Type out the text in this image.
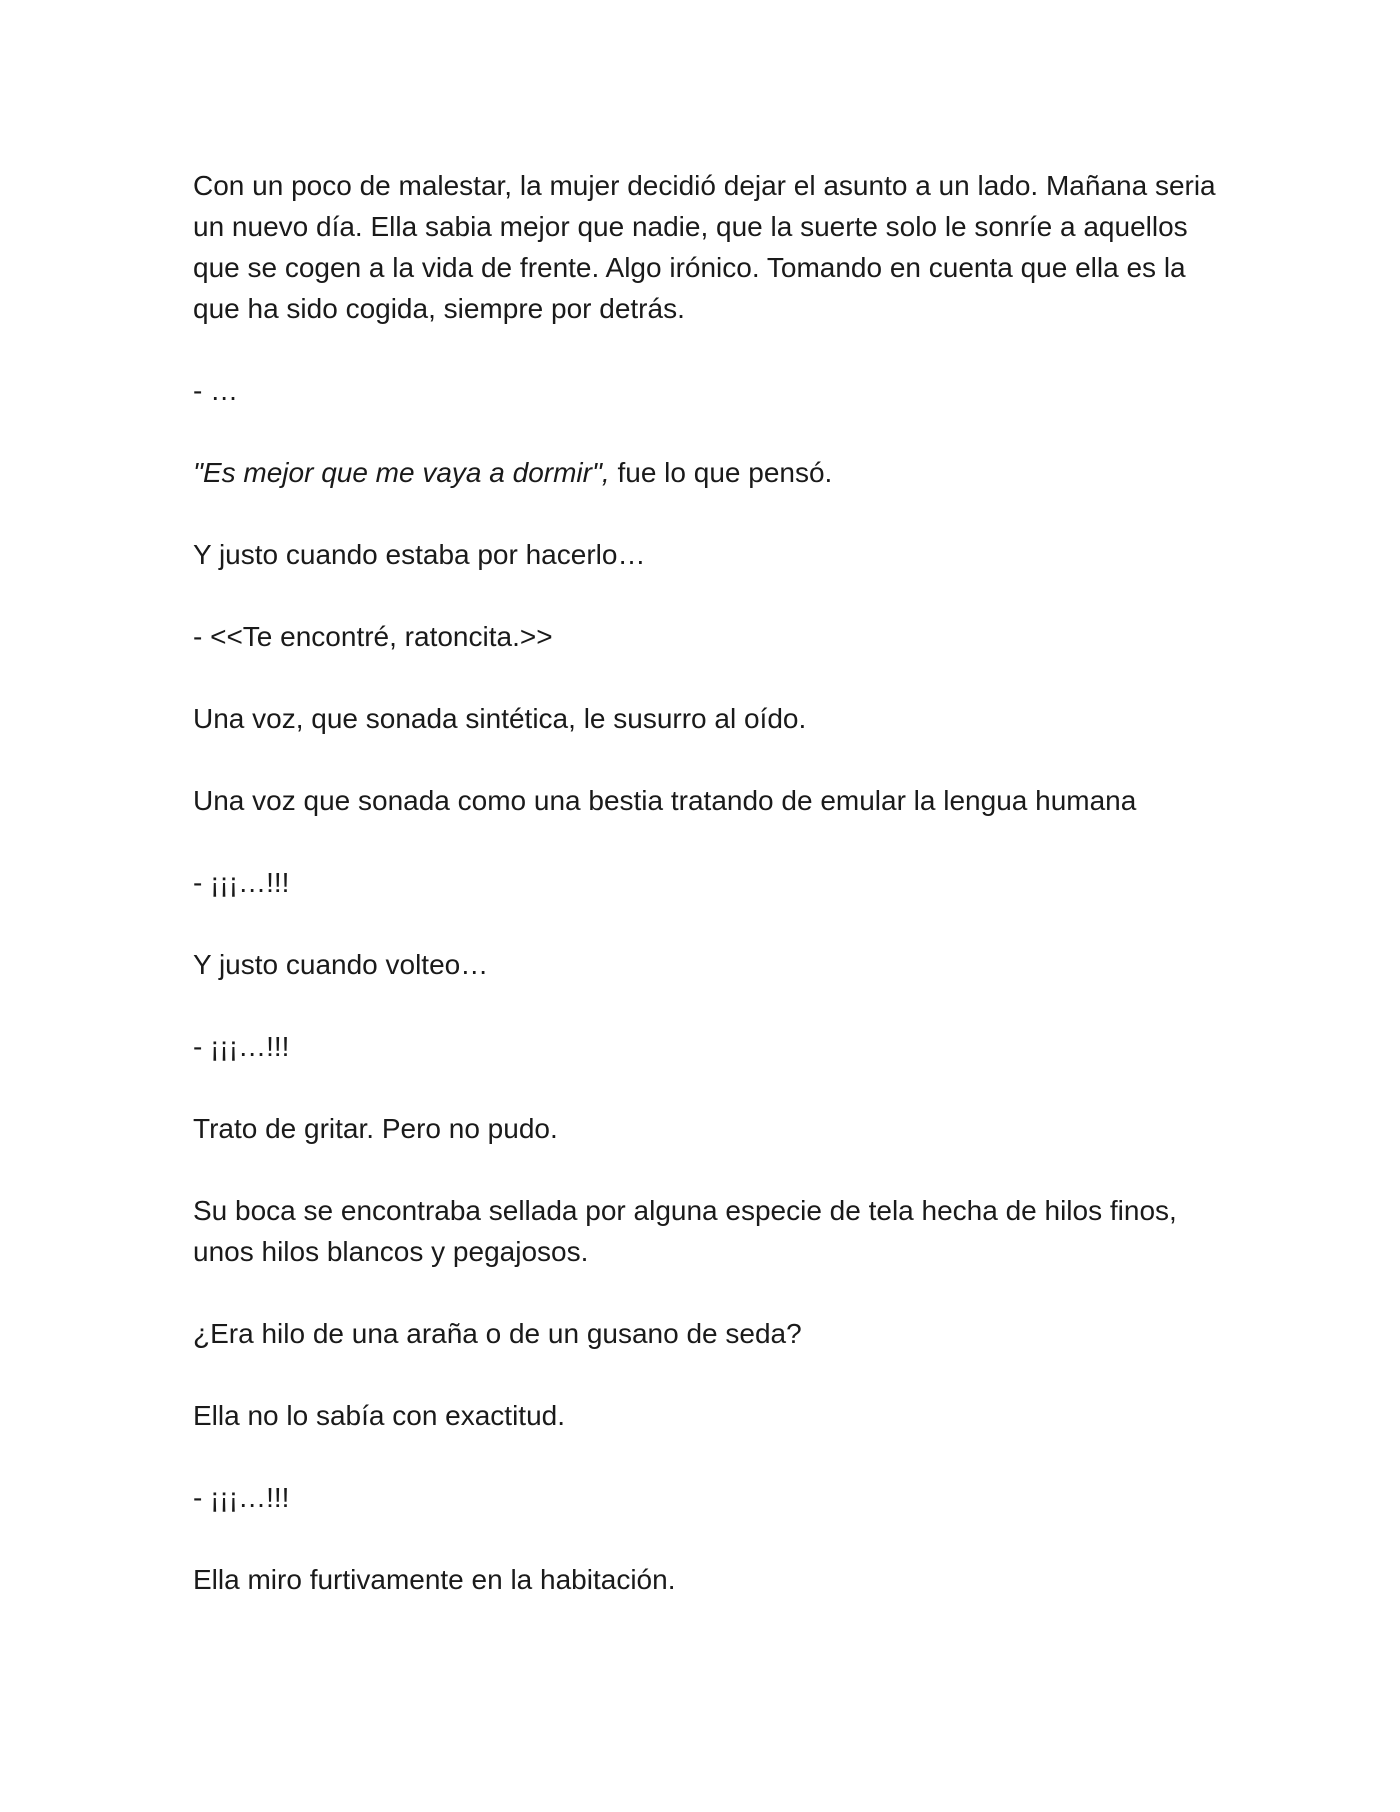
Con un poco de malestar, la mujer decidió dejar el asunto a un lado. Mañana seria un nuevo día. Ella sabia mejor que nadie, que la suerte solo le sonríe a aquellos que se cogen a la vida de frente. Algo irónico. Tomando en cuenta que ella es la que ha sido cogida, siempre por detrás.

- …

"Es mejor que me vaya a dormir", fue lo que pensó.

Y justo cuando estaba por hacerlo…

- <<Te encontré, ratoncita.>>

Una voz, que sonada sintética, le susurro al oído.

Una voz que sonada como una bestia tratando de emular la lengua humana

- ¡¡¡…!!!

Y justo cuando volteo…

- ¡¡¡…!!!

Trato de gritar. Pero no pudo.

Su boca se encontraba sellada por alguna especie de tela hecha de hilos finos, unos hilos blancos y pegajosos.

¿Era hilo de una araña o de un gusano de seda?

Ella no lo sabía con exactitud.

- ¡¡¡…!!!

Ella miro furtivamente en la habitación.
